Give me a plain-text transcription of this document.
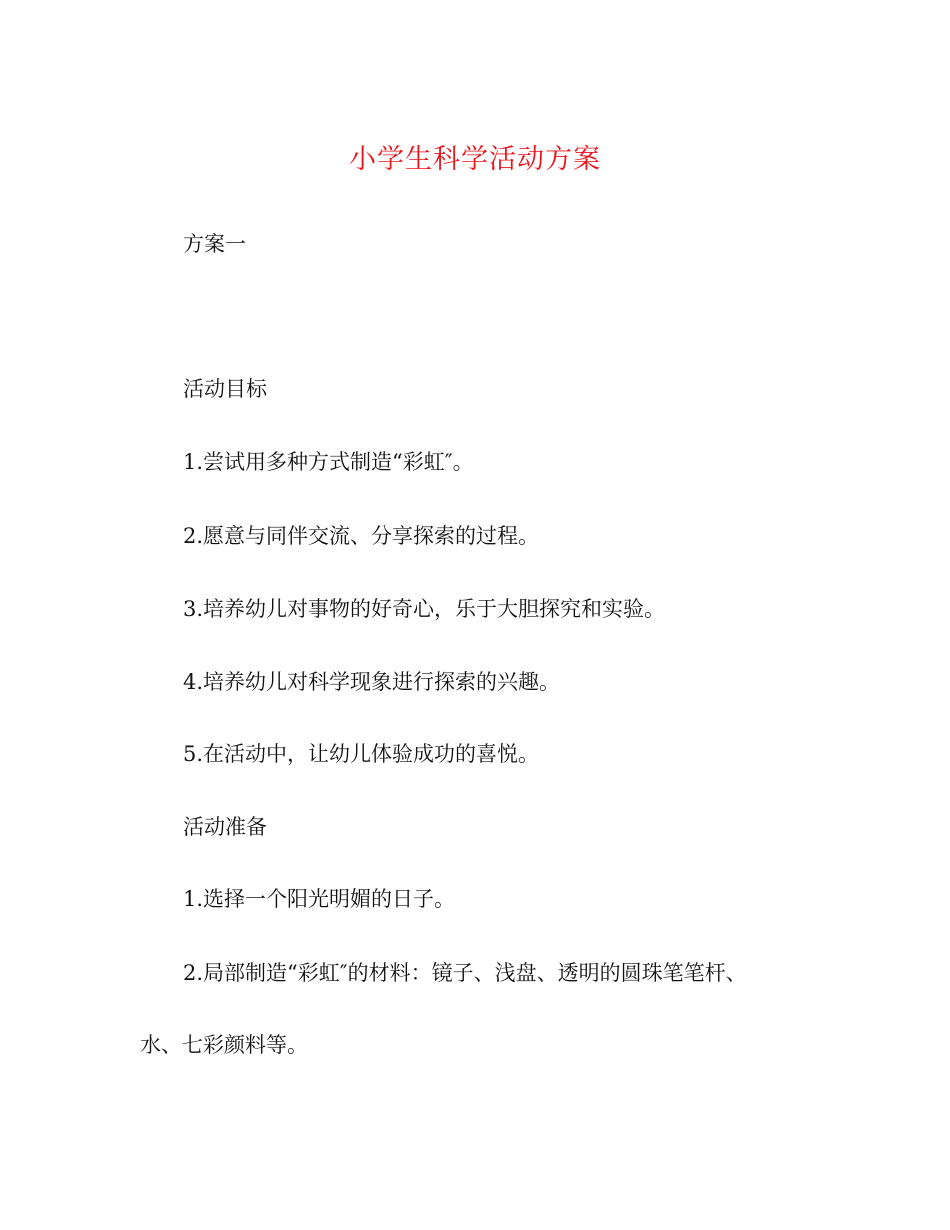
小学生科学活动方案
方案一
活动目标
1.尝试用多种方式制造“彩虹″。
2.愿意与同伴交流、分享探索的过程。
3.培养幼儿对事物的好奇心，乐于大胆探究和实验。
4.培养幼儿对科学现象进行探索的兴趣。
5.在活动中，让幼儿体验成功的喜悦。
活动准备
1.选择一个阳光明媚的日子。
2.局部制造“彩虹″的材料：镜子、浅盘、透明的圆珠笔笔杆、
水、七彩颜料等。
